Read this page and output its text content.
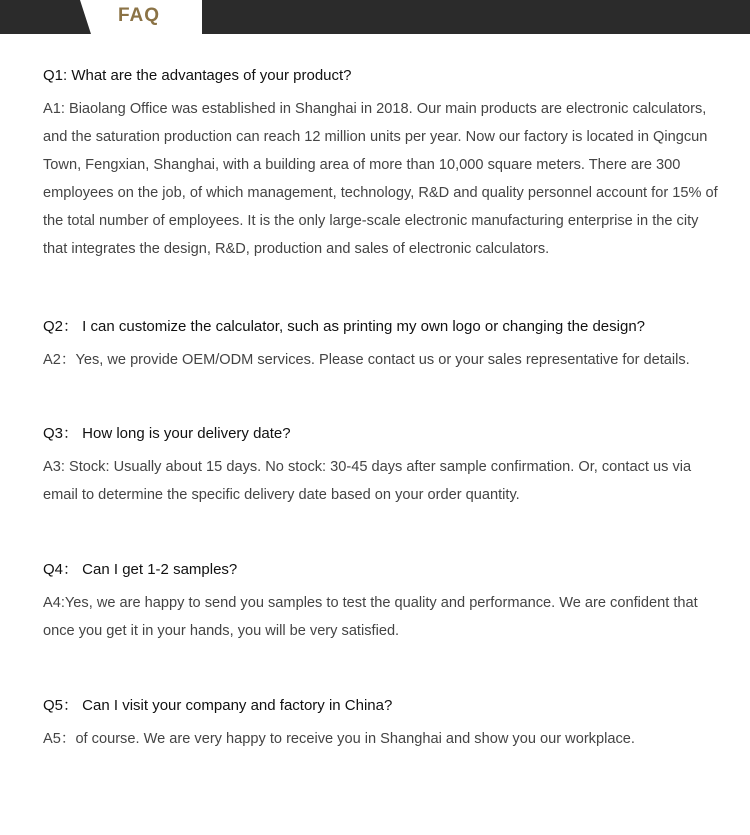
FAQ

Q1: What are the advantages of your product?

A1: Biaolang Office was established in Shanghai in 2018. Our main products are electronic calculators, and the saturation production can reach 12 million units per year. Now our factory is located in Qingcun Town, Fengxian, Shanghai, with a building area of more than 10,000 square meters. There are 300 employees on the job, of which management, technology, R&D and quality personnel account for 15% of the total number of employees. It is the only large-scale electronic manufacturing enterprise in the city that integrates the design, R&D, production and sales of electronic calculators.

Q2： I can customize the calculator, such as printing my own logo or changing the design?

A2：Yes, we provide OEM/ODM services. Please contact us or your sales representative for details.

Q3： How long is your delivery date?

A3: Stock: Usually about 15 days. No stock: 30-45 days after sample confirmation. Or, contact us via email to determine the specific delivery date based on your order quantity.

Q4： Can I get 1-2 samples?

A4:Yes, we are happy to send you samples to test the quality and performance. We are confident that once you get it in your hands, you will be very satisfied.

Q5： Can I visit your company and factory in China?

A5：of course. We are very happy to receive you in Shanghai and show you our workplace.
